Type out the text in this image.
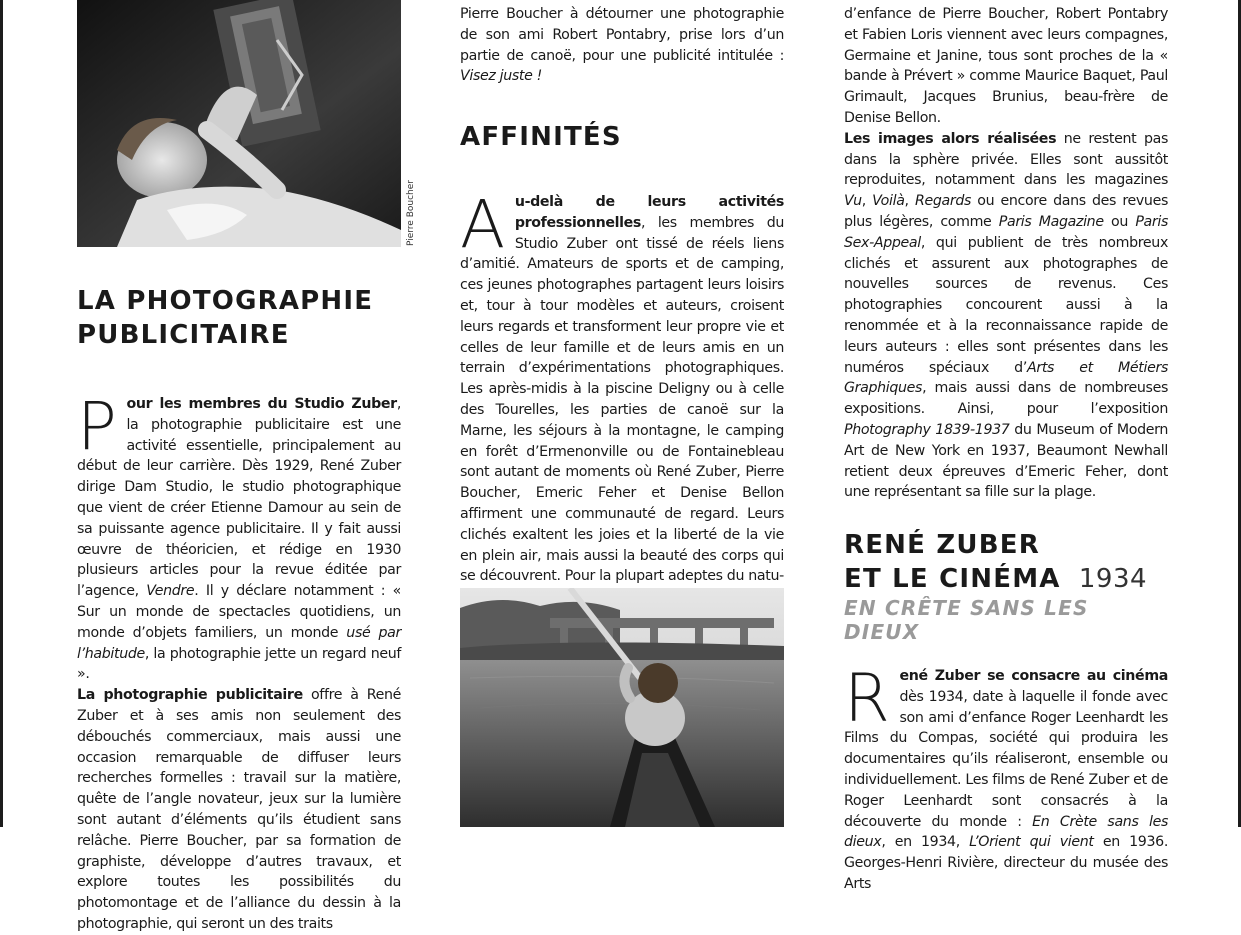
Pierre Boucher
LA PHOTOGRAPHIE
PUBLICITAIRE

P our les membres du Studio Zuber, la photographie publicitaire est une activité essentielle, principalement au début de leur carrière. Dès 1929, René Zuber dirige Dam Studio, le studio photographique que vient de créer Etienne Damour au sein de sa puissante agence publicitaire. Il y fait aussi œuvre de théoricien, et rédige en 1930 plusieurs articles pour la revue éditée par l’agence, Vendre. Il y déclare notamment : « Sur un monde de spectacles quotidiens, un monde d’objets familiers, un monde usé par l’habitude, la photographie jette un regard neuf ».

La photographie publicitaire offre à René Zuber et à ses amis non seulement des débouchés commerciaux, mais aussi une occasion remarquable de diffuser leurs recherches formelles : travail sur la matière, quête de l’angle novateur, jeux sur la lumière sont autant d’éléments qu’ils étudient sans relâche. Pierre Boucher, par sa formation de graphiste, développe d’autres travaux, et explore toutes les possibilités du photomontage et de l’alliance du dessin à la photographie, qui seront un des traits

Pierre Boucher à détourner une photographie de son ami Robert Pontabry, prise lors d’un partie de canoë, pour une publicité intitulée : Visez juste !

AFFINITÉS

A u-delà de leurs activités professionnelles, les membres du Studio Zuber ont tissé de réels liens d’amitié. Amateurs de sports et de camping, ces jeunes photographes partagent leurs loisirs et, tour à tour modèles et auteurs, croisent leurs regards et transforment leur propre vie et celles de leur famille et de leurs amis en un terrain d’expérimentations photographiques. Les après-midis à la piscine Deligny ou à celle des Tourelles, les parties de canoë sur la Marne, les séjours à la montagne, le camping en forêt d’Ermenonville ou de Fontainebleau sont autant de moments où René Zuber, Pierre Boucher, Emeric Feher et Denise Bellon affirment une communauté de regard. Leurs clichés exaltent les joies et la liberté de la vie en plein air, mais aussi la beauté des corps qui se découvrent. Pour la plupart adeptes du natu-

d’enfance de Pierre Boucher, Robert Pontabry et Fabien Loris viennent avec leurs compagnes, Germaine et Janine, tous sont proches de la « bande à Prévert » comme Maurice Baquet, Paul Grimault, Jacques Brunius, beau-frère de Denise Bellon.

Les images alors réalisées ne restent pas dans la sphère privée. Elles sont aussitôt reproduites, notamment dans les magazines Vu, Voilà, Regards ou encore dans des revues plus légères, comme Paris Magazine ou Paris Sex-Appeal, qui publient de très nombreux clichés et assurent aux photographes de nouvelles sources de revenus. Ces photographies concourent aussi à la renommée et à la reconnaissance rapide de leurs auteurs : elles sont présentes dans les numéros spéciaux d’Arts et Métiers Graphiques, mais aussi dans de nombreuses expositions. Ainsi, pour l’exposition Photography 1839-1937 du Museum of Modern Art de New York en 1937, Beaumont Newhall retient deux épreuves d’Emeric Feher, dont une représentant sa fille sur la plage.

RENÉ ZUBER
ET LE CINÉMA 1934

EN CRÊTE SANS LES DIEUX

R ené Zuber se consacre au cinéma dès 1934, date à laquelle il fonde avec son ami d’enfance Roger Leenhardt les Films du Compas, société qui produira les documentaires qu’ils réaliseront, ensemble ou individuellement. Les films de René Zuber et de Roger Leenhardt sont consacrés à la découverte du monde : En Crète sans les dieux, en 1934, L’Orient qui vient en 1936. Georges-Henri Rivière, directeur du musée des Arts
